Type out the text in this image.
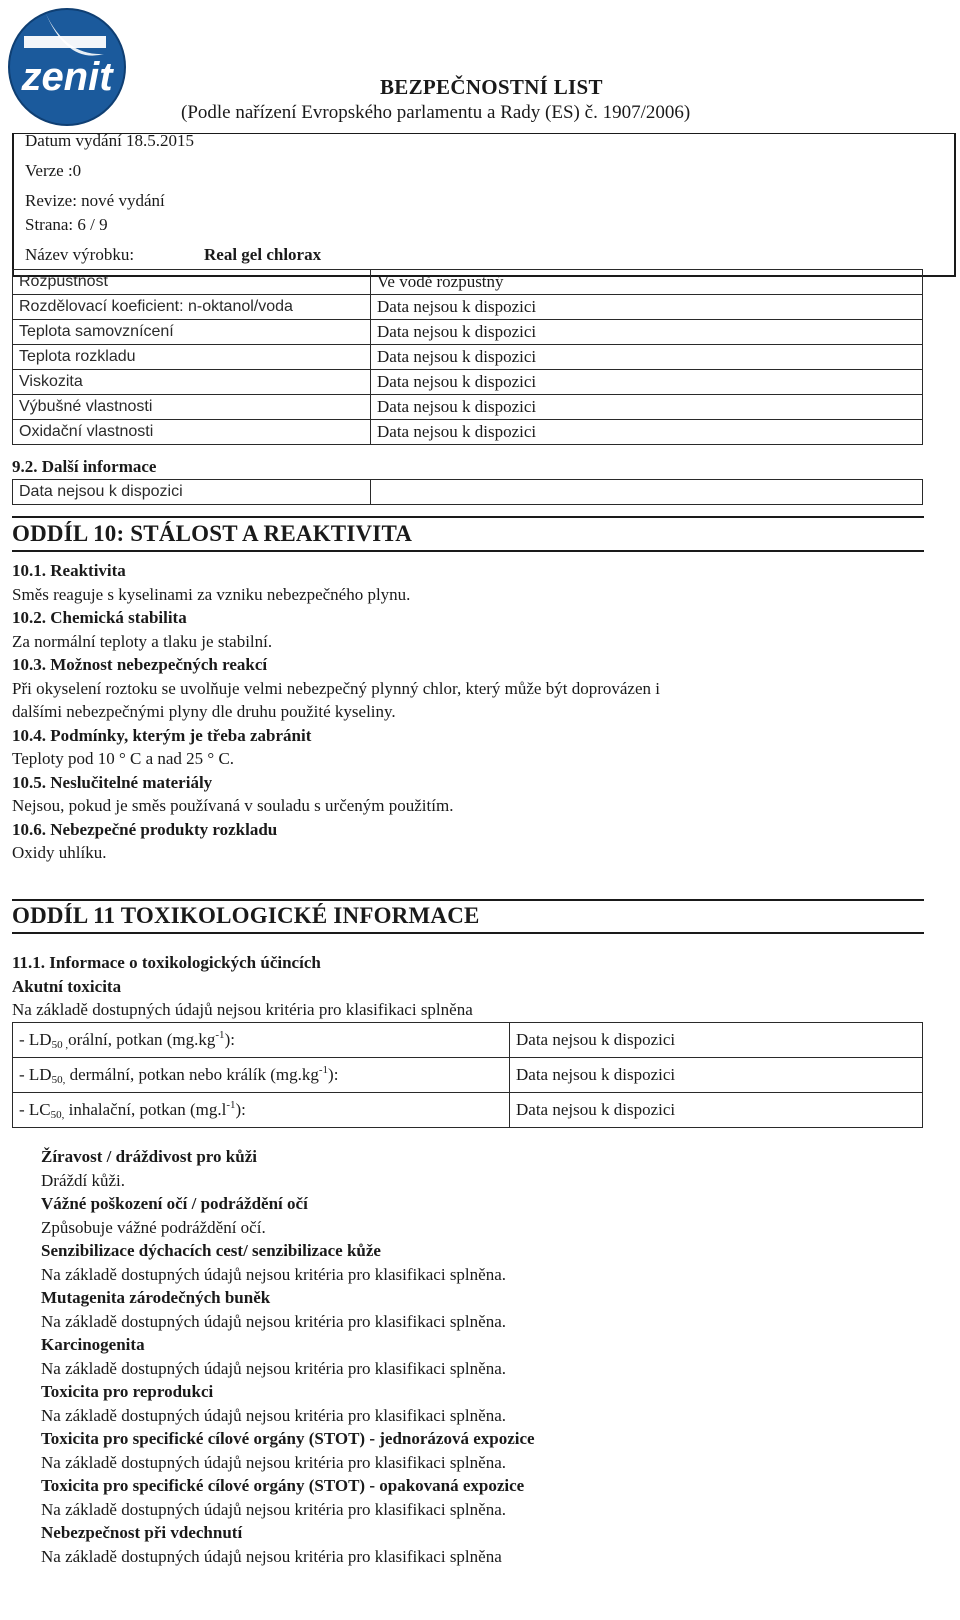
zenit	BEZPEČNOSTNÍ LIST
(Podle nařízení Evropského parlamentu a Rady (ES) č. 1907/2006)
Datum vydání 18.5.2015
Verze :0
Revize: nové vydání
Strana: 6 / 9
Název výrobku:	Real gel chlorax
Rozpustnost	Ve vodě rozpustný
Rozdělovací koeficient: n-oktanol/voda	Data nejsou k dispozici
Teplota samovznícení	Data nejsou k dispozici
Teplota rozkladu	Data nejsou k dispozici
Viskozita	Data nejsou k dispozici
Výbušné vlastnosti	Data nejsou k dispozici
Oxidační vlastnosti	Data nejsou k dispozici
9.2. Další informace
Data nejsou k dispozici	
ODDÍL 10: STÁLOST A REAKTIVITA
10.1. Reaktivita
Směs reaguje s kyselinami za vzniku nebezpečného plynu.
10.2. Chemická stabilita
Za normální teploty a tlaku je stabilní.
10.3. Možnost nebezpečných reakcí
Při okyselení roztoku se uvolňuje velmi nebezpečný plynný chlor, který může být doprovázen i
dalšími nebezpečnými plyny dle druhu použité kyseliny.
10.4. Podmínky, kterým je třeba zabránit
Teploty pod 10 ° C a nad 25 ° C.
10.5. Neslučitelné materiály
Nejsou, pokud je směs používaná v souladu s určeným použitím.
10.6. Nebezpečné produkty rozkladu
Oxidy uhlíku.
ODDÍL 11 TOXIKOLOGICKÉ INFORMACE
11.1. Informace o toxikologických účincích
Akutní toxicita
Na základě dostupných údajů nejsou kritéria pro klasifikaci splněna
- $LD_{50 ,}orá\ln í$, potkan $(mg.kg^{-1})$:	Data nejsou k dispozici
- $LD_{50,}$ dermální, potkan nebo králík $(mg.kg^{-1})$:	Data nejsou k dispozici
- $LC_{50,}$ inhalační, potkan $(mg.l^{-1})$:	Data nejsou k dispozici
Žíravost / dráždivost pro kůži
Dráždí kůži.
Vážné poškození očí / podráždění očí
Způsobuje vážné podráždění očí.
Senzibilizace dýchacích cest/ senzibilizace kůže
Na základě dostupných údajů nejsou kritéria pro klasifikaci splněna.
Mutagenita zárodečných buněk
Na základě dostupných údajů nejsou kritéria pro klasifikaci splněna.
Karcinogenita
Na základě dostupných údajů nejsou kritéria pro klasifikaci splněna.
Toxicita pro reprodukci
Na základě dostupných údajů nejsou kritéria pro klasifikaci splněna.
Toxicita pro specifické cílové orgány (STOT) - jednorázová expozice
Na základě dostupných údajů nejsou kritéria pro klasifikaci splněna.
Toxicita pro specifické cílové orgány (STOT) - opakovaná expozice
Na základě dostupných údajů nejsou kritéria pro klasifikaci splněna.
Nebezpečnost při vdechnutí
Na základě dostupných údajů nejsou kritéria pro klasifikaci splněna
